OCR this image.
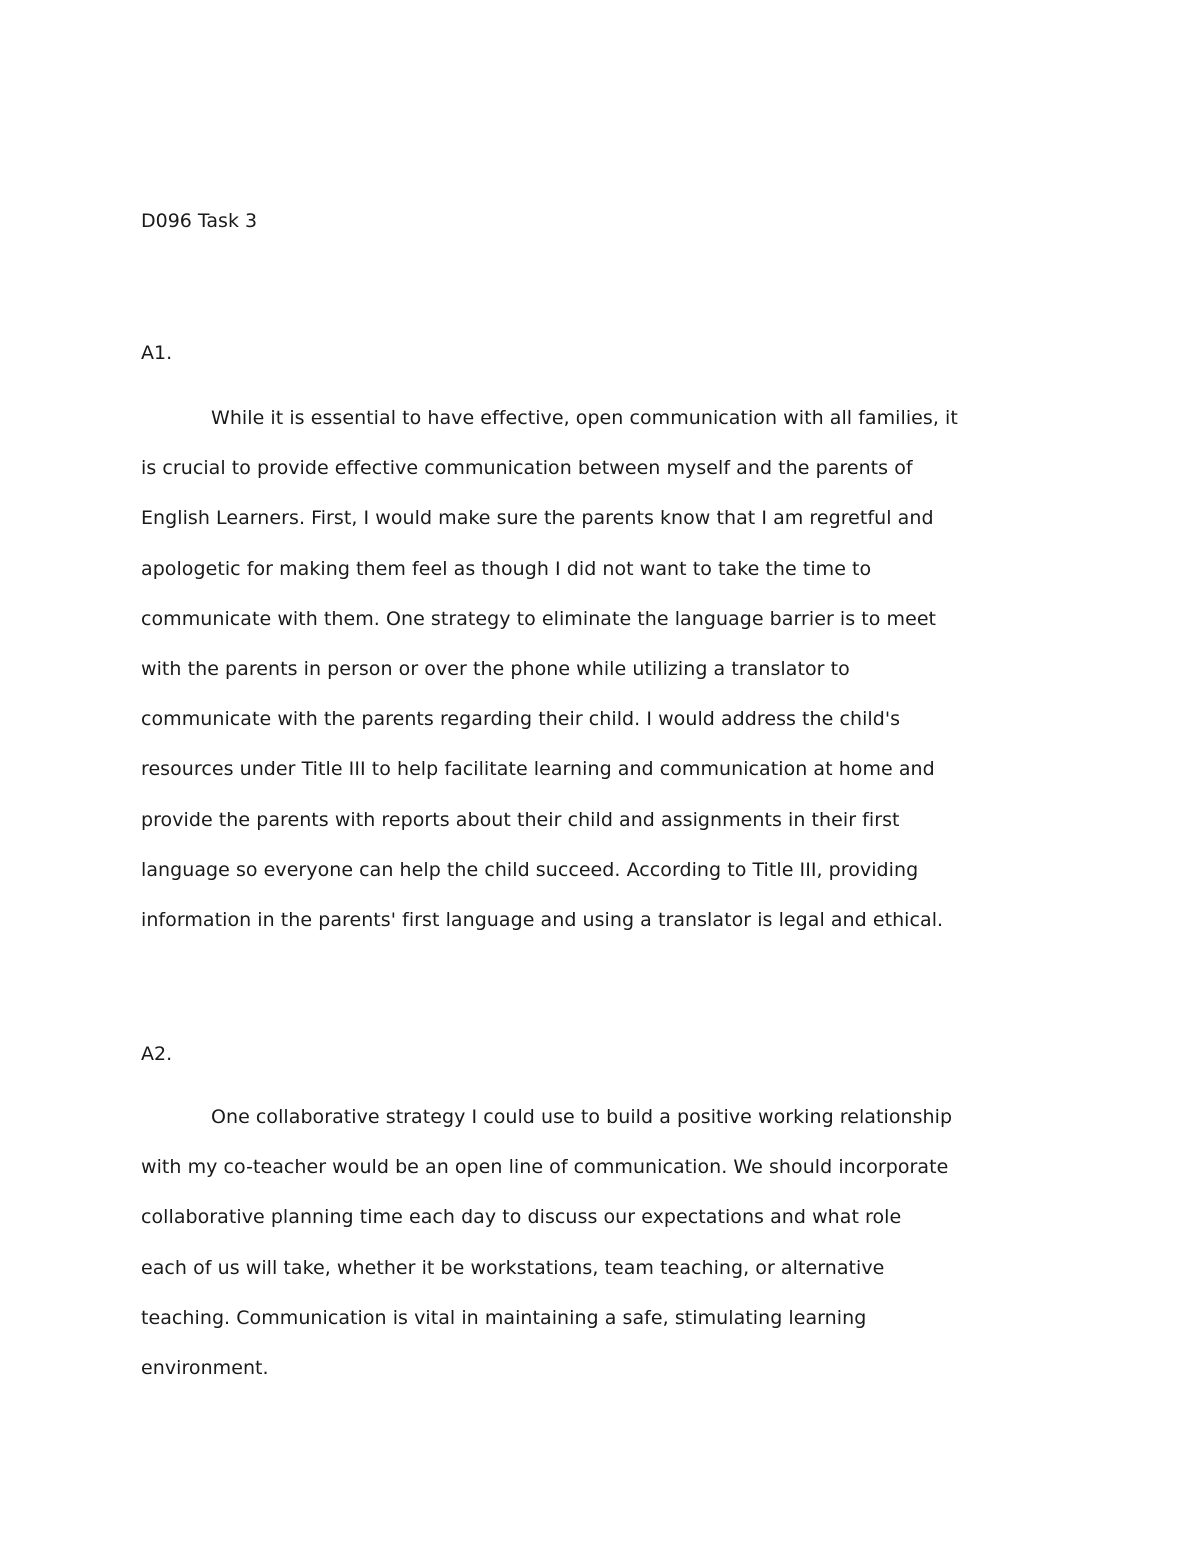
D096 Task 3
A1.
While it is essential to have effective, open communication with all families, it
is crucial to provide effective communication between myself and the parents of
English Learners. First, I would make sure the parents know that I am regretful and
apologetic for making them feel as though I did not want to take the time to
communicate with them. One strategy to eliminate the language barrier is to meet
with the parents in person or over the phone while utilizing a translator to
communicate with the parents regarding their child. I would address the child's
resources under Title III to help facilitate learning and communication at home and
provide the parents with reports about their child and assignments in their first
language so everyone can help the child succeed. According to Title III, providing
information in the parents' first language and using a translator is legal and ethical.
A2.
One collaborative strategy I could use to build a positive working relationship
with my co-teacher would be an open line of communication. We should incorporate
collaborative planning time each day to discuss our expectations and what role
each of us will take, whether it be workstations, team teaching, or alternative
teaching. Communication is vital in maintaining a safe, stimulating learning
environment.
